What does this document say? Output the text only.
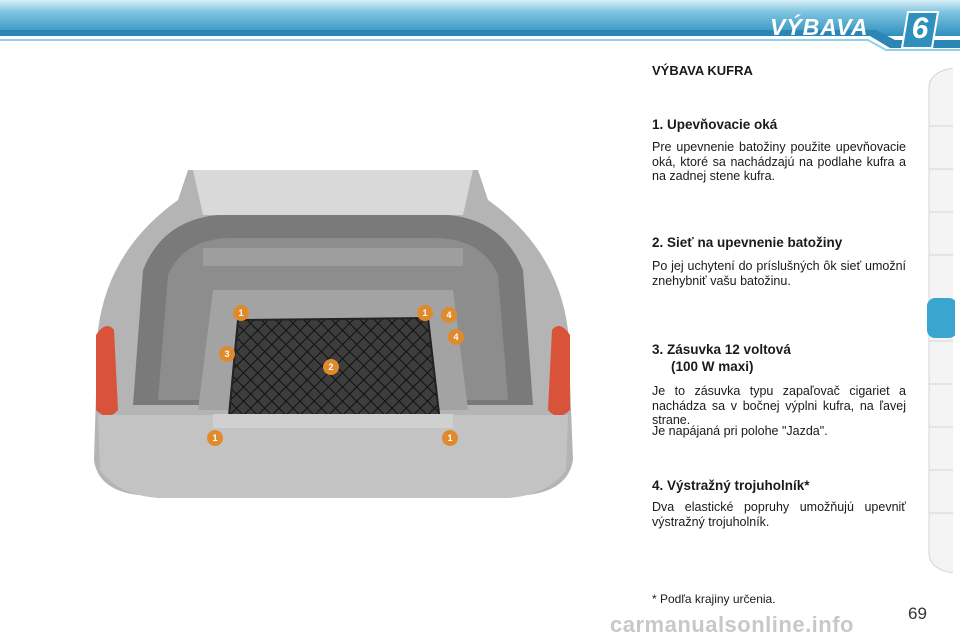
VÝBAVA	6
1	1
1	1
2
3
4
4
VÝBAVA KUFRA
1. Upevňovacie oká
Pre upevnenie batožiny použite upevňovacie oká, ktoré sa nachádzajú na podlahe kufra a na zadnej stene kufra.
2. Sieť na upevnenie batožiny
Po jej uchytení do príslušných ôk sieť umožní znehybniť vašu batožinu.
3. Zásuvka 12 voltová
(100 W maxi)
Je to zásuvka typu zapaľovač cigariet a nachádza sa v bočnej výplni kufra, na ľavej strane.
Je napájaná pri polohe "Jazda".
4. Výstražný trojuholník*
Dva elastické popruhy umožňujú upevniť výstražný trojuholník.
* Podľa krajiny určenia.
carmanualsonline.info	69
